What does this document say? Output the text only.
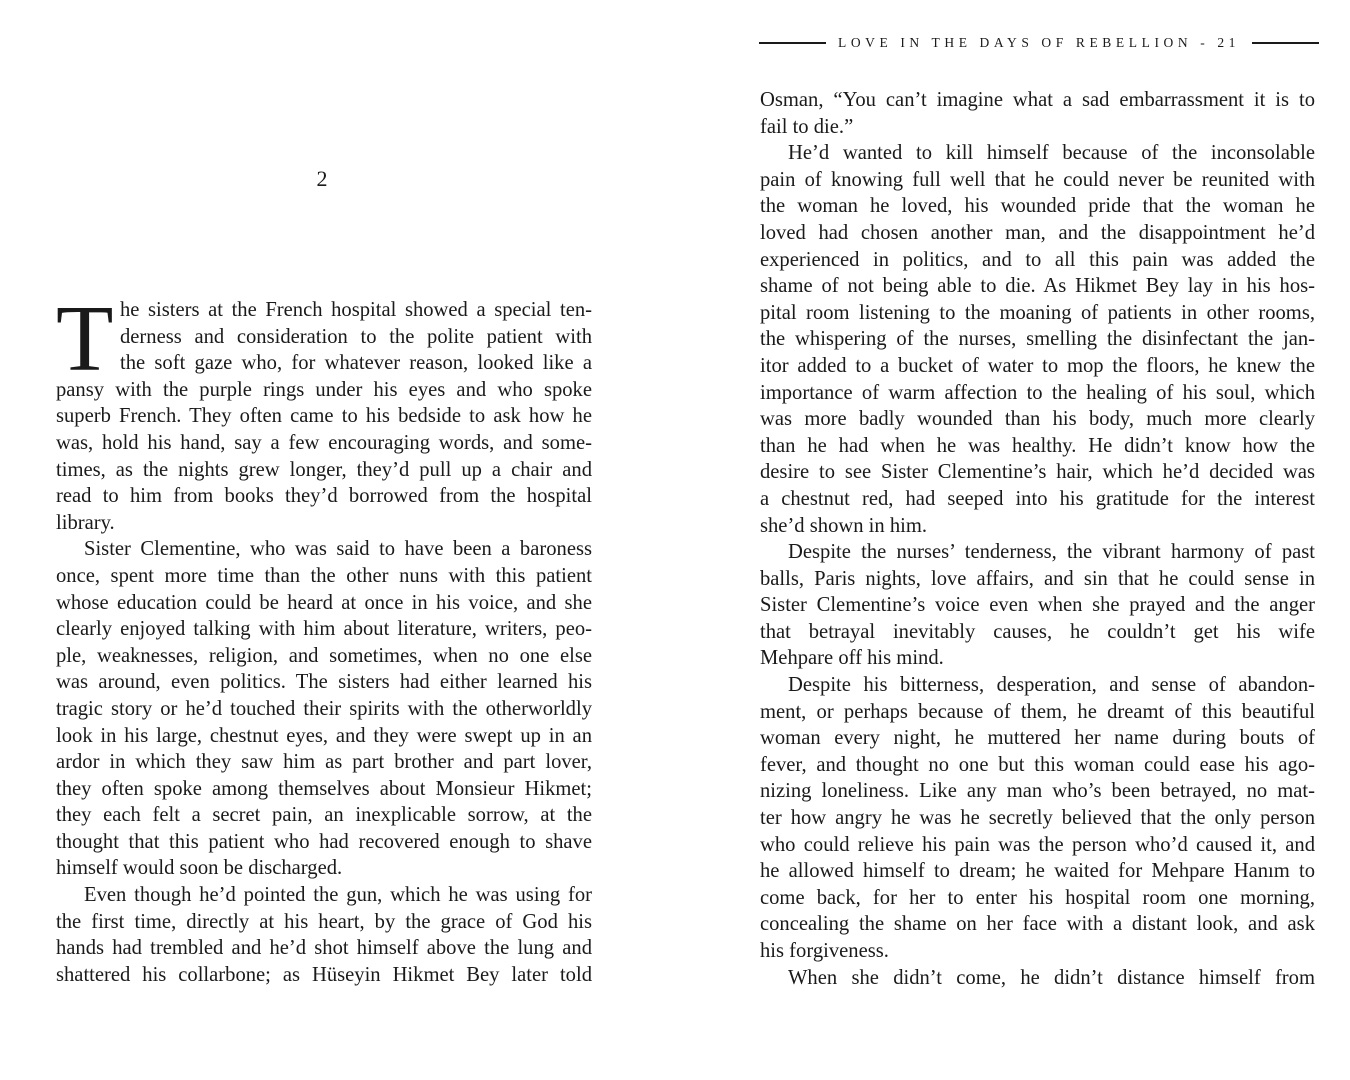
2
T he sisters at the French hospital showed a special ten-
derness and consideration to the polite patient with
the soft gaze who, for whatever reason, looked like a
pansy with the purple rings under his eyes and who spoke
superb French. They often came to his bedside to ask how he
was, hold his hand, say a few encouraging words, and some-
times, as the nights grew longer, they’d pull up a chair and
read to him from books they’d borrowed from the hospital
library.
Sister Clementine, who was said to have been a baroness
once, spent more time than the other nuns with this patient
whose education could be heard at once in his voice, and she
clearly enjoyed talking with him about literature, writers, peo-
ple, weaknesses, religion, and sometimes, when no one else
was around, even politics. The sisters had either learned his
tragic story or he’d touched their spirits with the otherworldly
look in his large, chestnut eyes, and they were swept up in an
ardor in which they saw him as part brother and part lover,
they often spoke among themselves about Monsieur Hikmet;
they each felt a secret pain, an inexplicable sorrow, at the
thought that this patient who had recovered enough to shave
himself would soon be discharged.
Even though he’d pointed the gun, which he was using for
the first time, directly at his heart, by the grace of God his
hands had trembled and he’d shot himself above the lung and
shattered his collarbone; as Hüseyin Hikmet Bey later told
LOVE IN THE DAYS OF REBELLION - 21
Osman, “You can’t imagine what a sad embarrassment it is to
fail to die.”
He’d wanted to kill himself because of the inconsolable
pain of knowing full well that he could never be reunited with
the woman he loved, his wounded pride that the woman he
loved had chosen another man, and the disappointment he’d
experienced in politics, and to all this pain was added the
shame of not being able to die. As Hikmet Bey lay in his hos-
pital room listening to the moaning of patients in other rooms,
the whispering of the nurses, smelling the disinfectant the jan-
itor added to a bucket of water to mop the floors, he knew the
importance of warm affection to the healing of his soul, which
was more badly wounded than his body, much more clearly
than he had when he was healthy. He didn’t know how the
desire to see Sister Clementine’s hair, which he’d decided was
a chestnut red, had seeped into his gratitude for the interest
she’d shown in him.
Despite the nurses’ tenderness, the vibrant harmony of past
balls, Paris nights, love affairs, and sin that he could sense in
Sister Clementine’s voice even when she prayed and the anger
that betrayal inevitably causes, he couldn’t get his wife
Mehpare off his mind.
Despite his bitterness, desperation, and sense of abandon-
ment, or perhaps because of them, he dreamt of this beautiful
woman every night, he muttered her name during bouts of
fever, and thought no one but this woman could ease his ago-
nizing loneliness. Like any man who’s been betrayed, no mat-
ter how angry he was he secretly believed that the only person
who could relieve his pain was the person who’d caused it, and
he allowed himself to dream; he waited for Mehpare Hanım to
come back, for her to enter his hospital room one morning,
concealing the shame on her face with a distant look, and ask
his forgiveness.
When she didn’t come, he didn’t distance himself from
